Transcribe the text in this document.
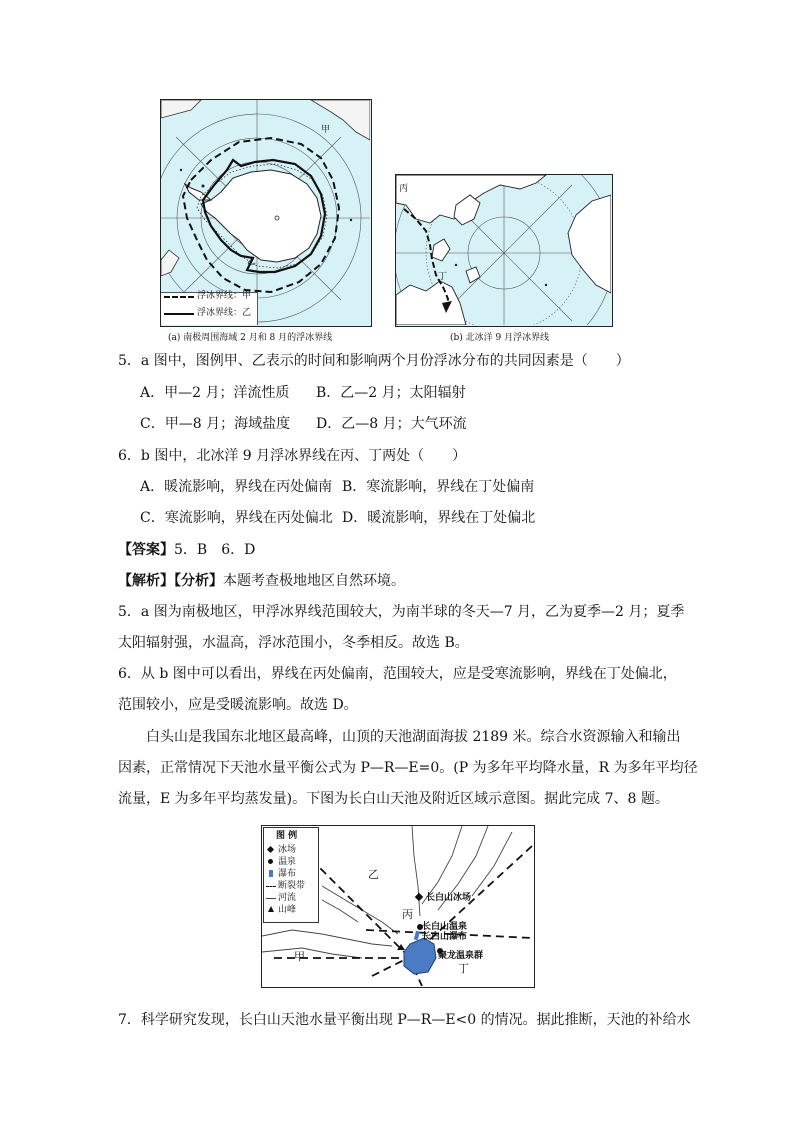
甲
乙
浮冰界线：甲
浮冰界线：乙
(a) 南极周围海域 2 月和 8 月的浮冰界线
丙
丁
(b) 北冰洋 9 月浮冰界线
5．a 图中，图例甲、乙表示的时间和影响两个月份浮冰分布的共同因素是（　　）
A．甲—2 月；洋流性质 B．乙—2 月；太阳辐射
C．甲—8 月；海域盐度 D．乙—8 月；大气环流
6．b 图中，北冰洋 9 月浮冰界线在丙、丁两处（　　）
A．暖流影响，界线在丙处偏南 B．寒流影响，界线在丁处偏南
C．寒流影响，界线在丙处偏北 D．暖流影响，界线在丁处偏北
【答案】5．B　6．D
【解析】【分析】本题考查极地地区自然环境。
5．a 图为南极地区，甲浮冰界线范围较大，为南半球的冬天—7 月，乙为夏季—2 月；夏季
太阳辐射强，水温高，浮冰范围小，冬季相反。故选 B。
6．从 b 图中可以看出，界线在丙处偏南，范围较大，应是受寒流影响，界线在丁处偏北，
范围较小，应是受暖流影响。故选 D。
白头山是我国东北地区最高峰，山顶的天池湖面海拔 2189 米。综合水资源输入和输出
因素，正常情况下天池水量平衡公式为 P—R—E=0。(P 为多年平均降水量，R 为多年平均径
流量，E 为多年平均蒸发量)。下图为长白山天池及附近区域示意图。据此完成 7、8 题。
长白山冰场
长白山温泉
长白山瀑布
聚龙温泉群
甲
乙
丙
丁
图 例
冰场
温泉
瀑布
断裂带
河流
山峰
7．科学研究发现，长白山天池水量平衡出现 P—R—E<0 的情况。据此推断，天池的补给水
